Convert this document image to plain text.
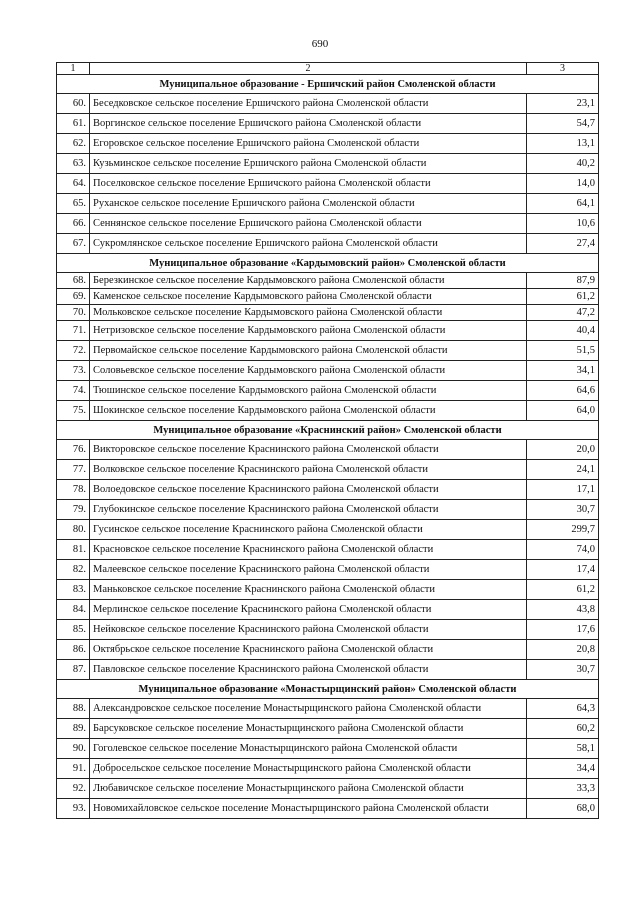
690
1	2	3
Муниципальное образование - Ершичский район Смоленской области		
60.	Беседковское сельское поселение Ершичского района Смоленской области	23,1
61.	Воргинское сельское поселение Ершичского района Смоленской области	54,7
62.	Егоровское сельское поселение Ершичского района Смоленской области	13,1
63.	Кузьминское сельское поселение Ершичского района Смоленской области	40,2
64.	Поселковское сельское поселение Ершичского района Смоленской области	14,0
65.	Руханское сельское поселение Ершичского района Смоленской области	64,1
66.	Сеннянское сельское поселение Ершичского района Смоленской области	10,6
67.	Сукромлянское сельское поселение Ершичского района Смоленской области	27,4
Муниципальное образование «Кардымовский район» Смоленской области		
68.	Березкинское сельское поселение Кардымовского района Смоленской области	87,9
69.	Каменское сельское поселение Кардымовского района Смоленской области	61,2
70.	Мольковское сельское поселение Кардымовского района Смоленской области	47,2
71.	Нетризовское сельское поселение Кардымовского района Смоленской области	40,4
72.	Первомайское сельское поселение Кардымовского района Смоленской области	51,5
73.	Соловьевское сельское поселение Кардымовского района Смоленской области	34,1
74.	Тюшинское сельское поселение Кардымовского района Смоленской области	64,6
75.	Шокинское сельское поселение Кардымовского района Смоленской области	64,0
Муниципальное образование «Краснинский район» Смоленской области		
76.	Викторовское сельское поселение Краснинского района Смоленской области	20,0
77.	Волковское сельское поселение Краснинского района Смоленской области	24,1
78.	Волоедовское сельское поселение Краснинского района Смоленской области	17,1
79.	Глубокинское сельское поселение Краснинского района Смоленской области	30,7
80.	Гусинское сельское поселение Краснинского района Смоленской области	299,7
81.	Красновское сельское поселение Краснинского района Смоленской области	74,0
82.	Малеевское сельское поселение Краснинского района Смоленской области	17,4
83.	Маньковское сельское поселение Краснинского района Смоленской области	61,2
84.	Мерлинское сельское поселение Краснинского района Смоленской области	43,8
85.	Нейковское сельское поселение Краснинского района Смоленской области	17,6
86.	Октябрьское сельское поселение Краснинского района Смоленской области	20,8
87.	Павловское сельское поселение Краснинского района Смоленской области	30,7
Муниципальное образование «Монастырщинский район» Смоленской области		
88.	Александровское сельское поселение Монастырщинского района Смоленской области	64,3
89.	Барсуковское сельское поселение Монастырщинского района Смоленской области	60,2
90.	Гоголевское сельское поселение Монастырщинского района Смоленской области	58,1
91.	Добросельское сельское поселение Монастырщинского района Смоленской области	34,4
92.	Любавичское сельское поселение Монастырщинского района Смоленской области	33,3
93.	Новомихайловское сельское поселение Монастырщинского района Смоленской области	68,0
